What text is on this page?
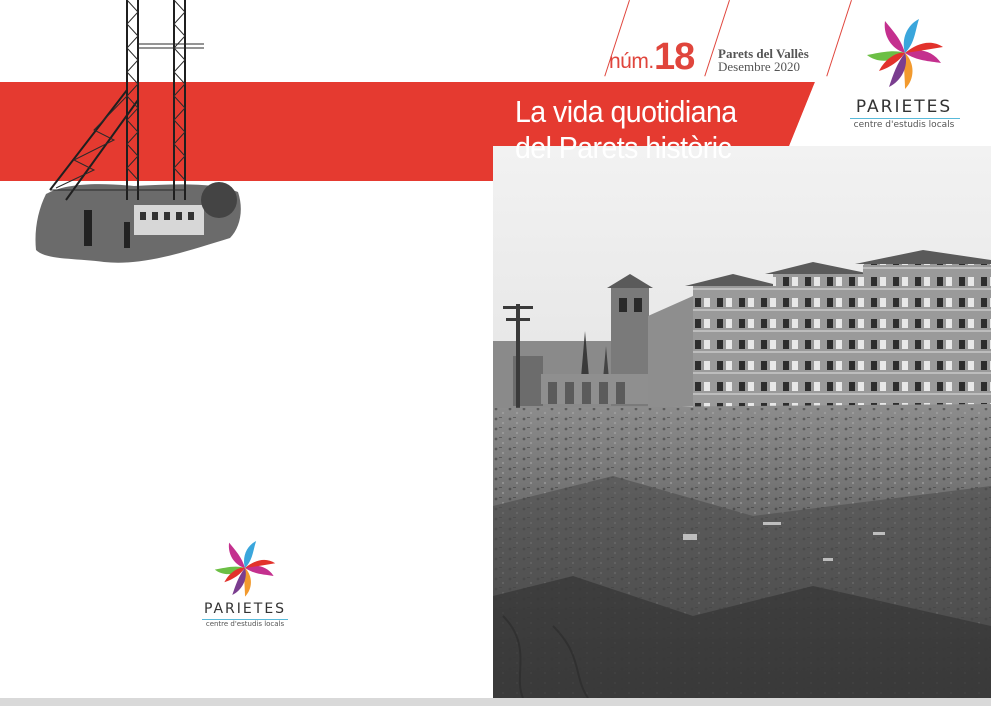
núm. 18 Parets del Vallès
Desembre 2020
La vida quotidiana
del Parets històric
PARIETES
centre d'estudis locals
PARIETES
centre d'estudis locals
